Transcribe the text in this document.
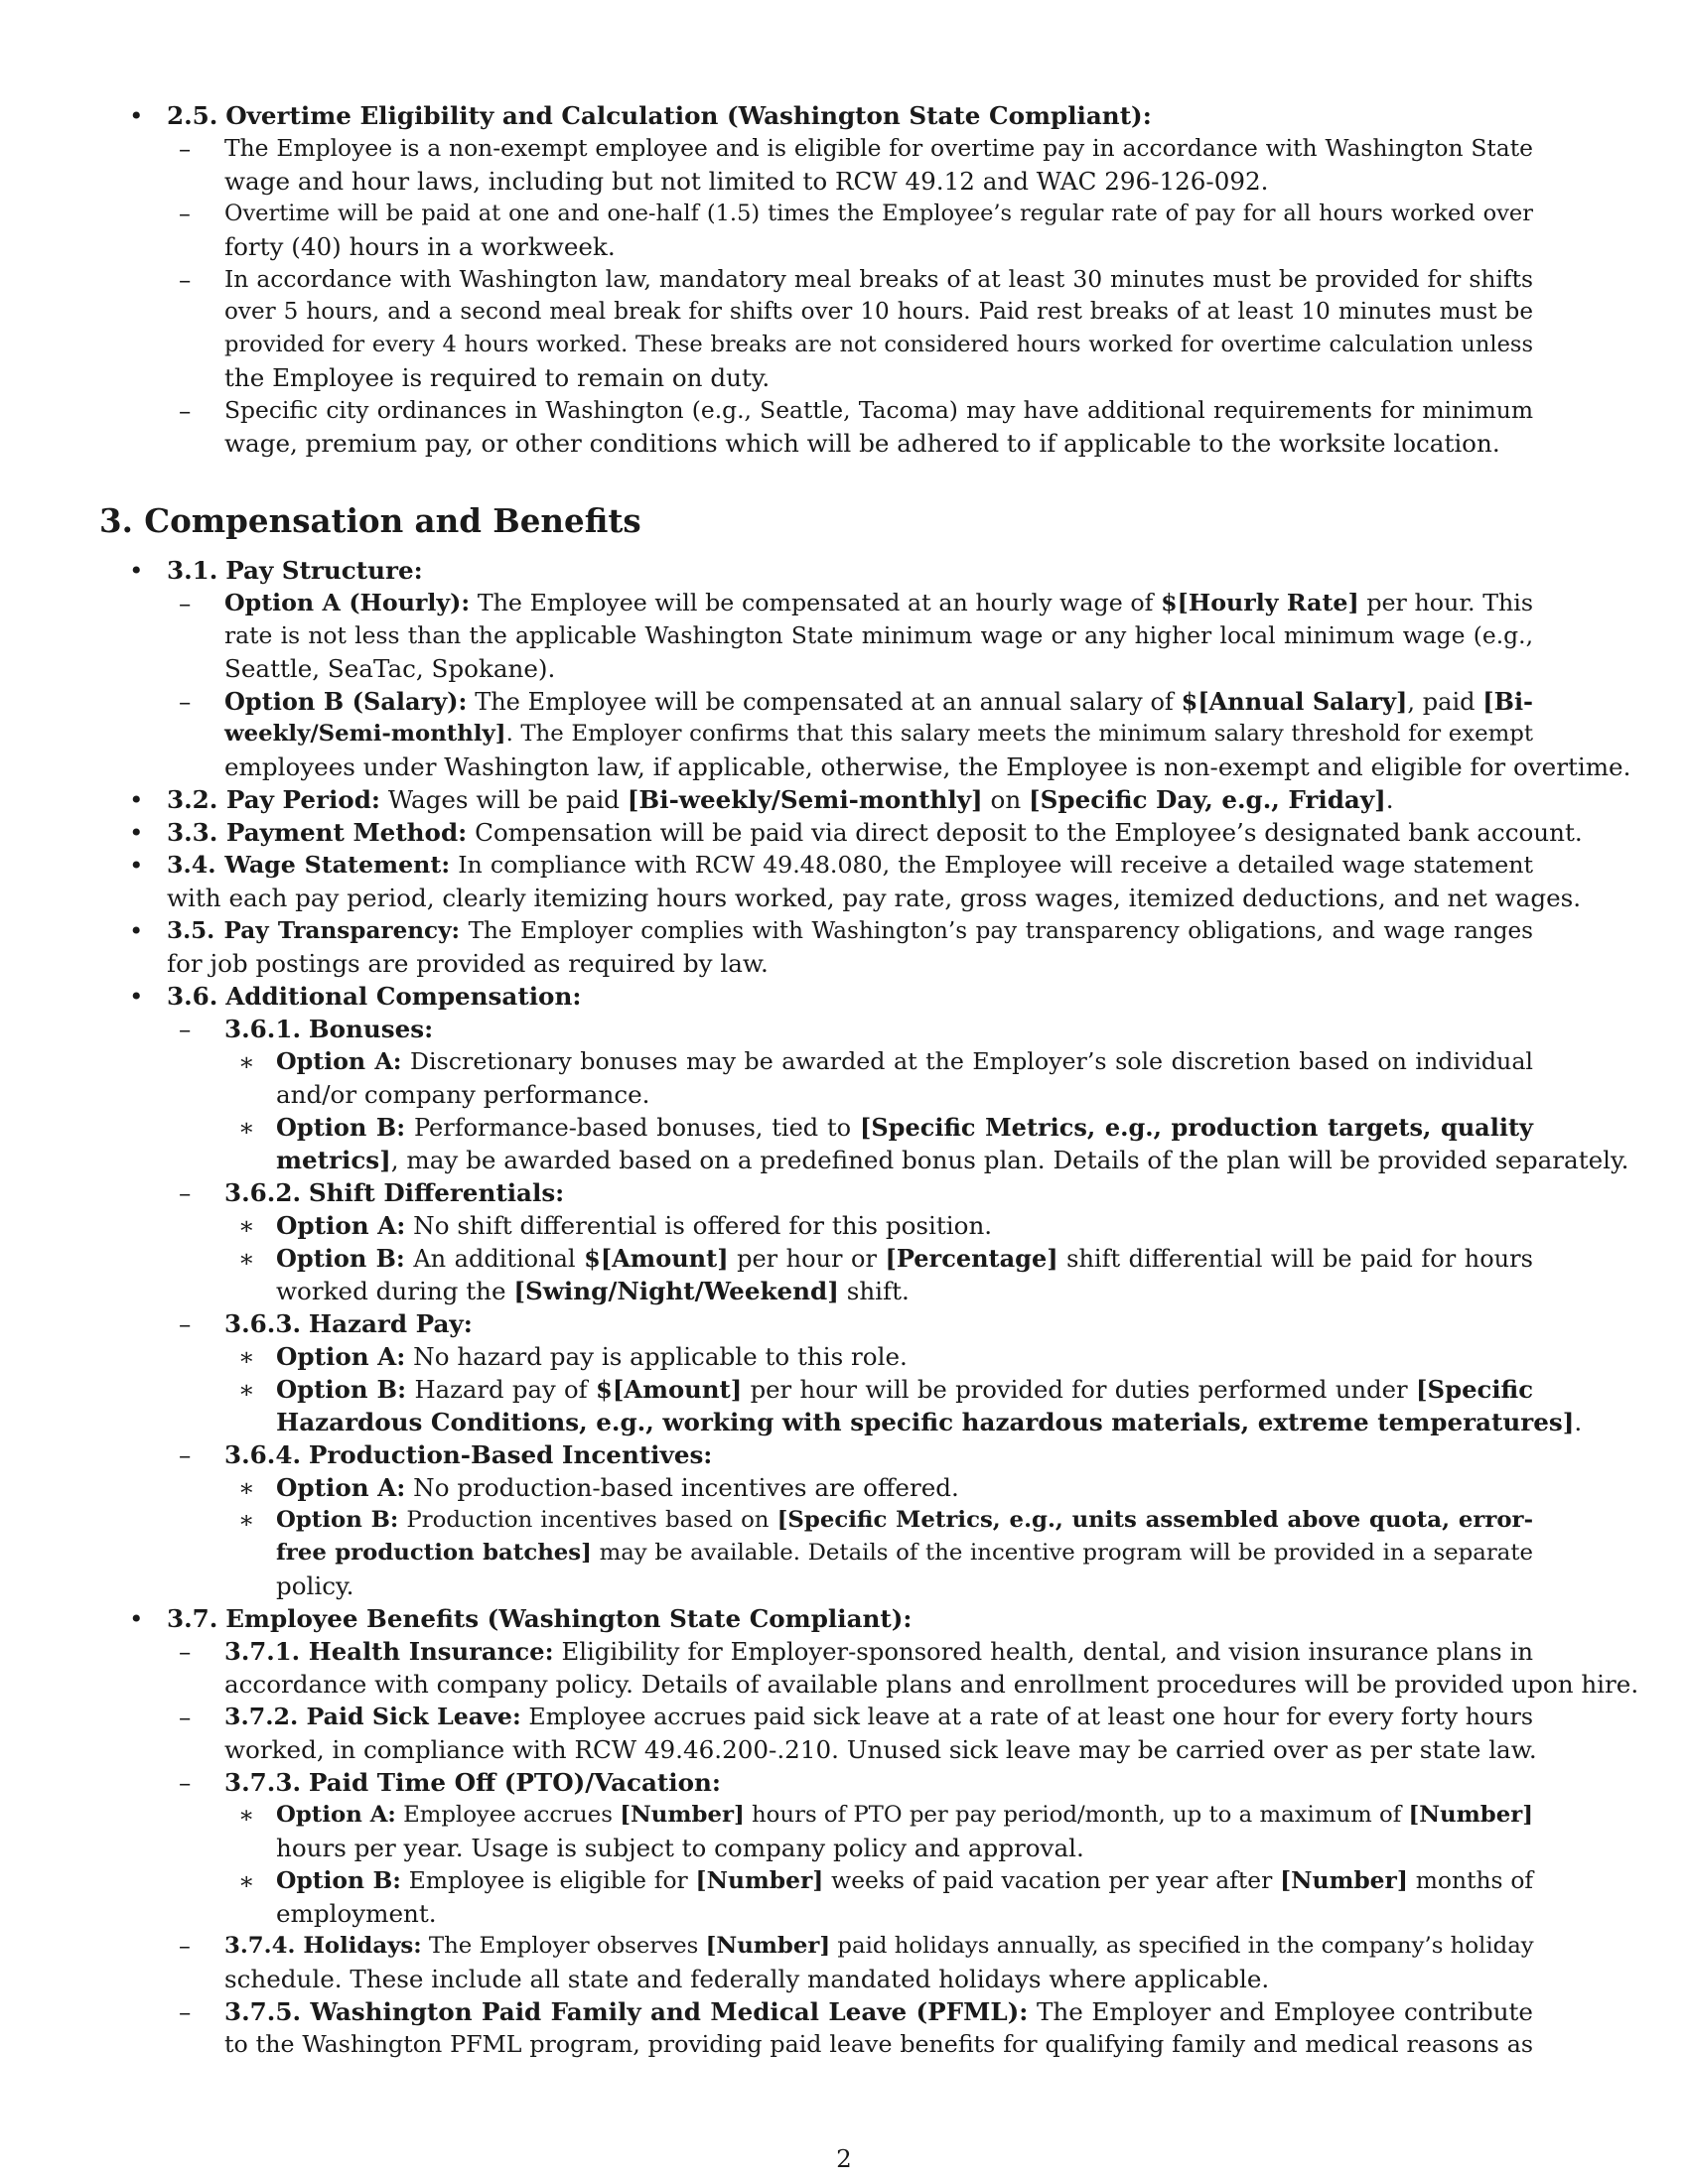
• 2.5. Overtime Eligibility and Calculation (Washington State Compliant):
– The Employee is a non-exempt employee and is eligible for overtime pay in accordance with Washington State
wage and hour laws, including but not limited to RCW 49.12 and WAC 296-126-092.
– Overtime will be paid at one and one-half (1.5) times the Employee’s regular rate of pay for all hours worked over
forty (40) hours in a workweek.
– In accordance with Washington law, mandatory meal breaks of at least 30 minutes must be provided for shifts
over 5 hours, and a second meal break for shifts over 10 hours. Paid rest breaks of at least 10 minutes must be
provided for every 4 hours worked. These breaks are not considered hours worked for overtime calculation unless
the Employee is required to remain on duty.
– Specific city ordinances in Washington (e.g., Seattle, Tacoma) may have additional requirements for minimum
wage, premium pay, or other conditions which will be adhered to if applicable to the worksite location.
3. Compensation and Benefits
• 3.1. Pay Structure:
– Option A (Hourly): The Employee will be compensated at an hourly wage of $[Hourly Rate] per hour. This
rate is not less than the applicable Washington State minimum wage or any higher local minimum wage (e.g.,
Seattle, SeaTac, Spokane).
– Option B (Salary): The Employee will be compensated at an annual salary of $[Annual Salary], paid [Bi-
weekly/Semi-monthly]. The Employer confirms that this salary meets the minimum salary threshold for exempt
employees under Washington law, if applicable, otherwise, the Employee is non-exempt and eligible for overtime.
• 3.2. Pay Period: Wages will be paid [Bi-weekly/Semi-monthly] on [Specific Day, e.g., Friday].
• 3.3. Payment Method: Compensation will be paid via direct deposit to the Employee’s designated bank account.
• 3.4. Wage Statement: In compliance with RCW 49.48.080, the Employee will receive a detailed wage statement
with each pay period, clearly itemizing hours worked, pay rate, gross wages, itemized deductions, and net wages.
• 3.5. Pay Transparency: The Employer complies with Washington’s pay transparency obligations, and wage ranges
for job postings are provided as required by law.
• 3.6. Additional Compensation:
– 3.6.1. Bonuses:
∗ Option A: Discretionary bonuses may be awarded at the Employer’s sole discretion based on individual
and/or company performance.
∗ Option B: Performance-based bonuses, tied to [Specific Metrics, e.g., production targets, quality
metrics], may be awarded based on a predefined bonus plan. Details of the plan will be provided separately.
– 3.6.2. Shift Differentials:
∗ Option A: No shift differential is offered for this position.
∗ Option B: An additional $[Amount] per hour or [Percentage] shift differential will be paid for hours
worked during the [Swing/Night/Weekend] shift.
– 3.6.3. Hazard Pay:
∗ Option A: No hazard pay is applicable to this role.
∗ Option B: Hazard pay of $[Amount] per hour will be provided for duties performed under [Specific
Hazardous Conditions, e.g., working with specific hazardous materials, extreme temperatures].
– 3.6.4. Production-Based Incentives:
∗ Option A: No production-based incentives are offered.
∗ Option B: Production incentives based on [Specific Metrics, e.g., units assembled above quota, error-
free production batches] may be available. Details of the incentive program will be provided in a separate
policy.
• 3.7. Employee Benefits (Washington State Compliant):
– 3.7.1. Health Insurance: Eligibility for Employer-sponsored health, dental, and vision insurance plans in
accordance with company policy. Details of available plans and enrollment procedures will be provided upon hire.
– 3.7.2. Paid Sick Leave: Employee accrues paid sick leave at a rate of at least one hour for every forty hours
worked, in compliance with RCW 49.46.200-.210. Unused sick leave may be carried over as per state law.
– 3.7.3. Paid Time Off (PTO)/Vacation:
∗ Option A: Employee accrues [Number] hours of PTO per pay period/month, up to a maximum of [Number]
hours per year. Usage is subject to company policy and approval.
∗ Option B: Employee is eligible for [Number] weeks of paid vacation per year after [Number] months of
employment.
– 3.7.4. Holidays: The Employer observes [Number] paid holidays annually, as specified in the company’s holiday
schedule. These include all state and federally mandated holidays where applicable.
– 3.7.5. Washington Paid Family and Medical Leave (PFML): The Employer and Employee contribute
to the Washington PFML program, providing paid leave benefits for qualifying family and medical reasons as
2
